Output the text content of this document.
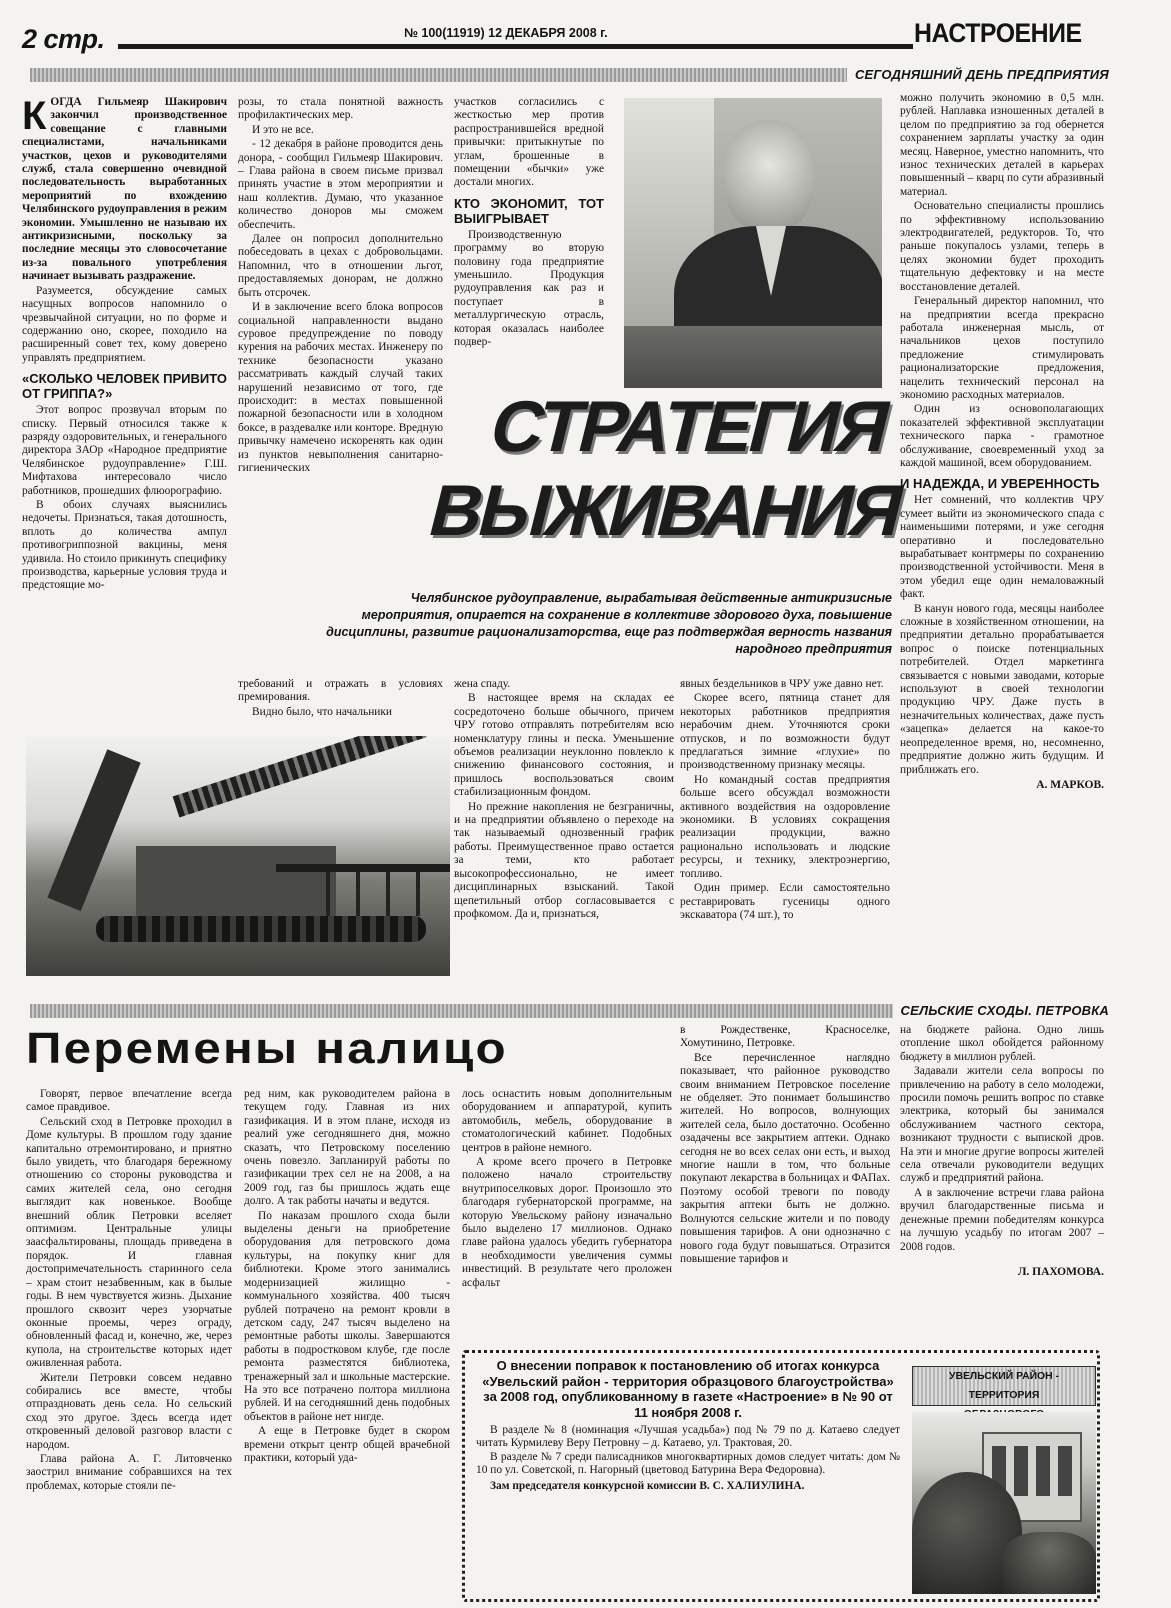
2 стр.	№ 100(11919) 12 ДЕКАБРЯ 2008 г.	НАСТРОЕНИЕ
СЕГОДНЯШНИЙ ДЕНЬ ПРЕДПРИЯТИЯ

КОГДА Гильмеяр Шакирович закончил производственное совещание с главными специалистами, начальниками участков, цехов и руководителями служб, стала совершенно очевидной последовательность выработанных мероприятий по вхождению Челябинского рудоуправления в режим экономии. Умышленно не называю их антикризисными, поскольку за последние месяцы это словосочетание из-за повального употребления начинает вызывать раздражение.

Разумеется, обсуждение самых насущных вопросов напомнило о чрезвычайной ситуации, но по форме и содержанию оно, скорее, походило на расширенный совет тех, кому доверено управлять предприятием.

«СКОЛЬКО ЧЕЛОВЕК ПРИВИТО ОТ ГРИППА?»

Этот вопрос прозвучал вторым по списку. Первый относился также к разряду оздоровительных, и генерального директора ЗАОр «Народное предприятие Челябинское рудоуправление» Г.Ш. Мифтахова интересовало число работников, прошедших флюорографию.

В обоих случаях выяснились недочеты. Признаться, такая дотошность, вплоть до количества ампул противогриппозной вакцины, меня удивила. Но стоило прикинуть специфику производства, карьерные условия труда и предстоящие мо-

розы, то стала понятной важность профилактических мер.

И это не все.

- 12 декабря в районе проводится день донора, - сообщил Гильмеяр Шакирович. – Глава района в своем письме призвал принять участие в этом мероприятии и наш коллектив. Думаю, что указанное количество доноров мы сможем обеспечить.

Далее он попросил дополнительно побеседовать в цехах с добровольцами. Напомнил, что в отношении льгот, предоставляемых донорам, не должно быть отсрочек.

И в заключение всего блока вопросов социальной направленности выдано суровое предупреждение по поводу курения на рабочих местах. Инженеру по технике безопасности указано рассматривать каждый случай таких нарушений независимо от того, где происходит: в местах повышенной пожарной безопасности или в холодном боксе, в раздевалке или конторе. Вредную привычку намечено искоренять как один из пунктов невыполнения санитарно-гигиенических

требований и отражать в условиях премирования.

Видно было, что начальники

участков согласились с жесткостью мер против распространившейся вредной привычки: притыкнутые по углам, брошенные в помещении «бычки» уже достали многих.

КТО ЭКОНОМИТ, ТОТ ВЫИГРЫВАЕТ

Производственную программу во вторую половину года предприятие уменьшило. Продукция рудоуправления как раз и поступает в металлургическую отрасль, которая оказалась наиболее подвер-

СТРАТЕГИЯ
ВЫЖИВАНИЯ
Челябинское рудоуправление, вырабатывая действенные антикризисные мероприятия, опирается на сохранение в коллективе здорового духа, повышение дисциплины, развитие рационализаторства, еще раз подтверждая верность названия народного предприятия

жена спаду.

В настоящее время на складах ее сосредоточено больше обычного, причем ЧРУ готово отправлять потребителям всю номенклатуру глины и песка. Уменьшение объемов реализации неуклонно повлекло к снижению финансового состояния, и пришлось воспользоваться своим стабилизационным фондом.

Но прежние накопления не безграничны, и на предприятии объявлено о переходе на так называемый однозвенный график работы. Преимущественное право остается за теми, кто работает высокопрофессионально, не имеет дисциплинарных взысканий. Такой щепетильный отбор согласовывается с профкомом. Да и, признаться,

явных бездельников в ЧРУ уже давно нет.

Скорее всего, пятница станет для некоторых работников предприятия нерабочим днем. Уточняются сроки отпусков, и по возможности будут предлагаться зимние «глухие» по производственному признаку месяцы.

Но командный состав предприятия больше всего обсуждал возможности активного воздействия на оздоровление экономики. В условиях сокращения реализации продукции, важно рационально использовать и людские ресурсы, и технику, электроэнергию, топливо.

Один пример. Если самостоятельно реставрировать гусеницы одного экскаватора (74 шт.), то

можно получить экономию в 0,5 млн. рублей. Наплавка изношенных деталей в целом по предприятию за год обернется сохранением зарплаты участку за один месяц. Наверное, уместно напомнить, что износ технических деталей в карьерах повышенный – кварц по сути абразивный материал.

Основательно специалисты прошлись по эффективному использованию электродвигателей, редукторов. То, что раньше покупалось узлами, теперь в целях экономии будет проходить тщательную дефектовку и на месте восстановление деталей.

Генеральный директор напомнил, что на предприятии всегда прекрасно работала инженерная мысль, от начальников цехов поступило предложение стимулировать рационализаторские предложения, нацелить технический персонал на экономию расходных материалов.

Один из основополагающих показателей эффективной эксплуатации технического парка - грамотное обслуживание, своевременный уход за каждой машиной, всем оборудованием.

И НАДЕЖДА, И УВЕРЕННОСТЬ

Нет сомнений, что коллектив ЧРУ сумеет выйти из экономического спада с наименьшими потерями, и уже сегодня оперативно и последовательно вырабатывает контрмеры по сохранению производственной устойчивости. Меня в этом убедил еще один немаловажный факт.

В канун нового года, месяцы наиболее сложные в хозяйственном отношении, на предприятии детально прорабатывается вопрос о поиске потенциальных потребителей. Отдел маркетинга связывается с новыми заводами, которые используют в своей технологии продукцию ЧРУ. Даже пусть в незначительных количествах, даже пусть «зацепка» делается на какое-то неопределенное время, но, несомненно, предприятие должно жить будущим. И приближать его.

А. МАРКОВ.
СЕЛЬСКИЕ СХОДЫ. ПЕТРОВКА
Перемены налицо

Говорят, первое впечатление всегда самое правдивое.

Сельский сход в Петровке проходил в Доме культуры. В прошлом году здание капитально отремонтировано, и приятно было увидеть, что благодаря бережному отношению со стороны руководства и самих жителей села, оно сегодня выглядит как новенькое. Вообще внешний облик Петровки вселяет оптимизм. Центральные улицы заасфальтированы, площадь приведена в порядок. И главная достопримечательность старинного села – храм стоит незабвенным, как в былые годы. В нем чувствуется жизнь. Дыхание прошлого сквозит через узорчатые оконные проемы, через ограду, обновленный фасад и, конечно, же, через купола, на строительстве которых идет оживленная работа.

Жители Петровки совсем недавно собирались все вместе, чтобы отпраздновать день села. Но сельский сход это другое. Здесь всегда идет откровенный деловой разговор власти с народом.

Глава района А. Г. Литовченко заострил внимание собравшихся на тех проблемах, которые стояли пе-

ред ним, как руководителем района в текущем году. Главная из них газификация. И в этом плане, исходя из реалий уже сегодняшнего дня, можно сказать, что Петровскому поселению очень повезло. Запланируй работы по газификации трех сел не на 2008, а на 2009 год, газ бы пришлось ждать еще долго. А так работы начаты и ведутся.

По наказам прошлого схода были выделены деньги на приобретение оборудования для петровского дома культуры, на покупку книг для библиотеки. Кроме этого занимались модернизацией жилищно - коммунального хозяйства. 400 тысяч рублей потрачено на ремонт кровли в детском саду, 247 тысяч выделено на ремонтные работы школы. Завершаются работы в подростковом клубе, где после ремонта разместятся библиотека, тренажерный зал и школьные мастерские. На это все потрачено полтора миллиона рублей. И на сегодняшний день подобных объектов в районе нет нигде.

А еще в Петровке будет в скором времени открыт центр общей врачебной практики, который уда-

лось оснастить новым дополнительным оборудованием и аппаратурой, купить автомобиль, мебель, оборудование в стоматологический кабинет. Подобных центров в районе немного.

А кроме всего прочего в Петровке положено начало строительству внутрипоселковых дорог. Произошло это благодаря губернаторской программе, на которую Увельскому району изначально было выделено 17 миллионов. Однако главе района удалось убедить губернатора в необходимости увеличения суммы инвестиций. В результате чего проложен асфальт

в Рождественке, Красноселке, Хомутинино, Петровке.

Все перечисленное наглядно показывает, что районное руководство своим вниманием Петровское поселение не обделяет. Это понимает большинство жителей. Но вопросов, волнующих жителей села, было достаточно. Особенно озадачены все закрытием аптеки. Однако сегодня не во всех селах они есть, и выход многие нашли в том, что больные покупают лекарства в больницах и ФАПах. Поэтому особой тревоги по поводу закрытия аптеки быть не должно. Волнуются сельские жители и по поводу повышения тарифов. А они однозначно с нового года будут повышаться. Отразится повышение тарифов и

на бюджете района. Одно лишь отопление школ обойдется районному бюджету в миллион рублей.

Задавали жители села вопросы по привлечению на работу в село молодежи, просили помочь решить вопрос по ставке электрика, который бы занимался обслуживанием частного сектора, возникают трудности с выпиской дров. На эти и многие другие вопросы жителей села отвечали руководители ведущих служб и предприятий района.

А в заключение встречи глава района вручил благодарственные письма и денежные премии победителям конкурса на лучшую усадьбу по итогам 2007 – 2008 годов.

Л. ПАХОМОВА.
О внесении поправок к постановлению об итогах конкурса «Увельский район - территория образцового благоустройства» за 2008 год, опубликованному в газете «Настроение» в № 90 от 11 ноября 2008 г.

В разделе № 8 (номинация «Лучшая усадьба») под № 79 по д. Катаево следует читать Курмилеву Веру Петровну – д. Катаево, ул. Трактовая, 20.

В разделе № 7 среди палисадников многоквартирных домов следует читать: дом № 10 по ул. Советской, п. Нагорный (цветовод Батурина Вера Федоровна).

Зам председателя конкурсной комиссии В. С. ХАЛИУЛИНА.

УВЕЛЬСКИЙ РАЙОН - ТЕРРИТОРИЯ
